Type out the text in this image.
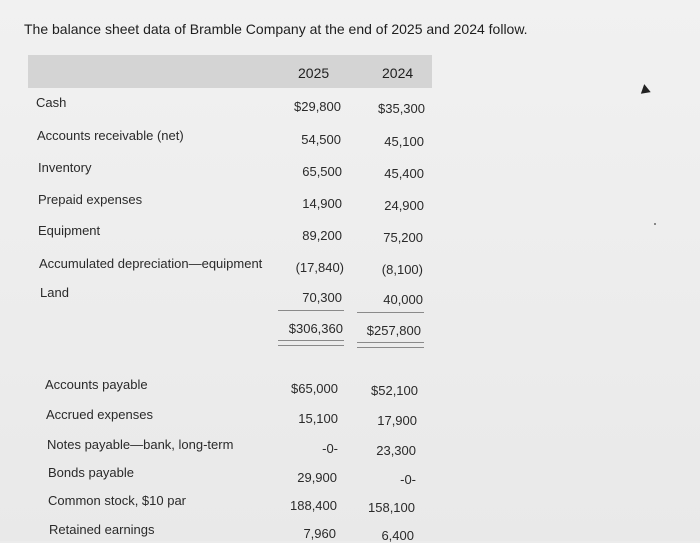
The balance sheet data of Bramble Company at the end of 2025 and 2024 follow.
2025	2024
Cash	$29,800	$35,300
Accounts receivable (net)	54,500	45,100
Inventory	65,500	45,400
Prepaid expenses	14,900	24,900
Equipment	89,200	75,200
Accumulated depreciation—equipment	(17,840)	(8,100)
Land	70,300	40,000
$306,360 $257,800
Accounts payable	$65,000	$52,100
Accrued expenses	15,100	17,900
Notes payable—bank, long-term	-0-	23,300
Bonds payable	29,900	-0-
Common stock, $10 par	188,400 158,100
Retained earnings	7,960	6,400
